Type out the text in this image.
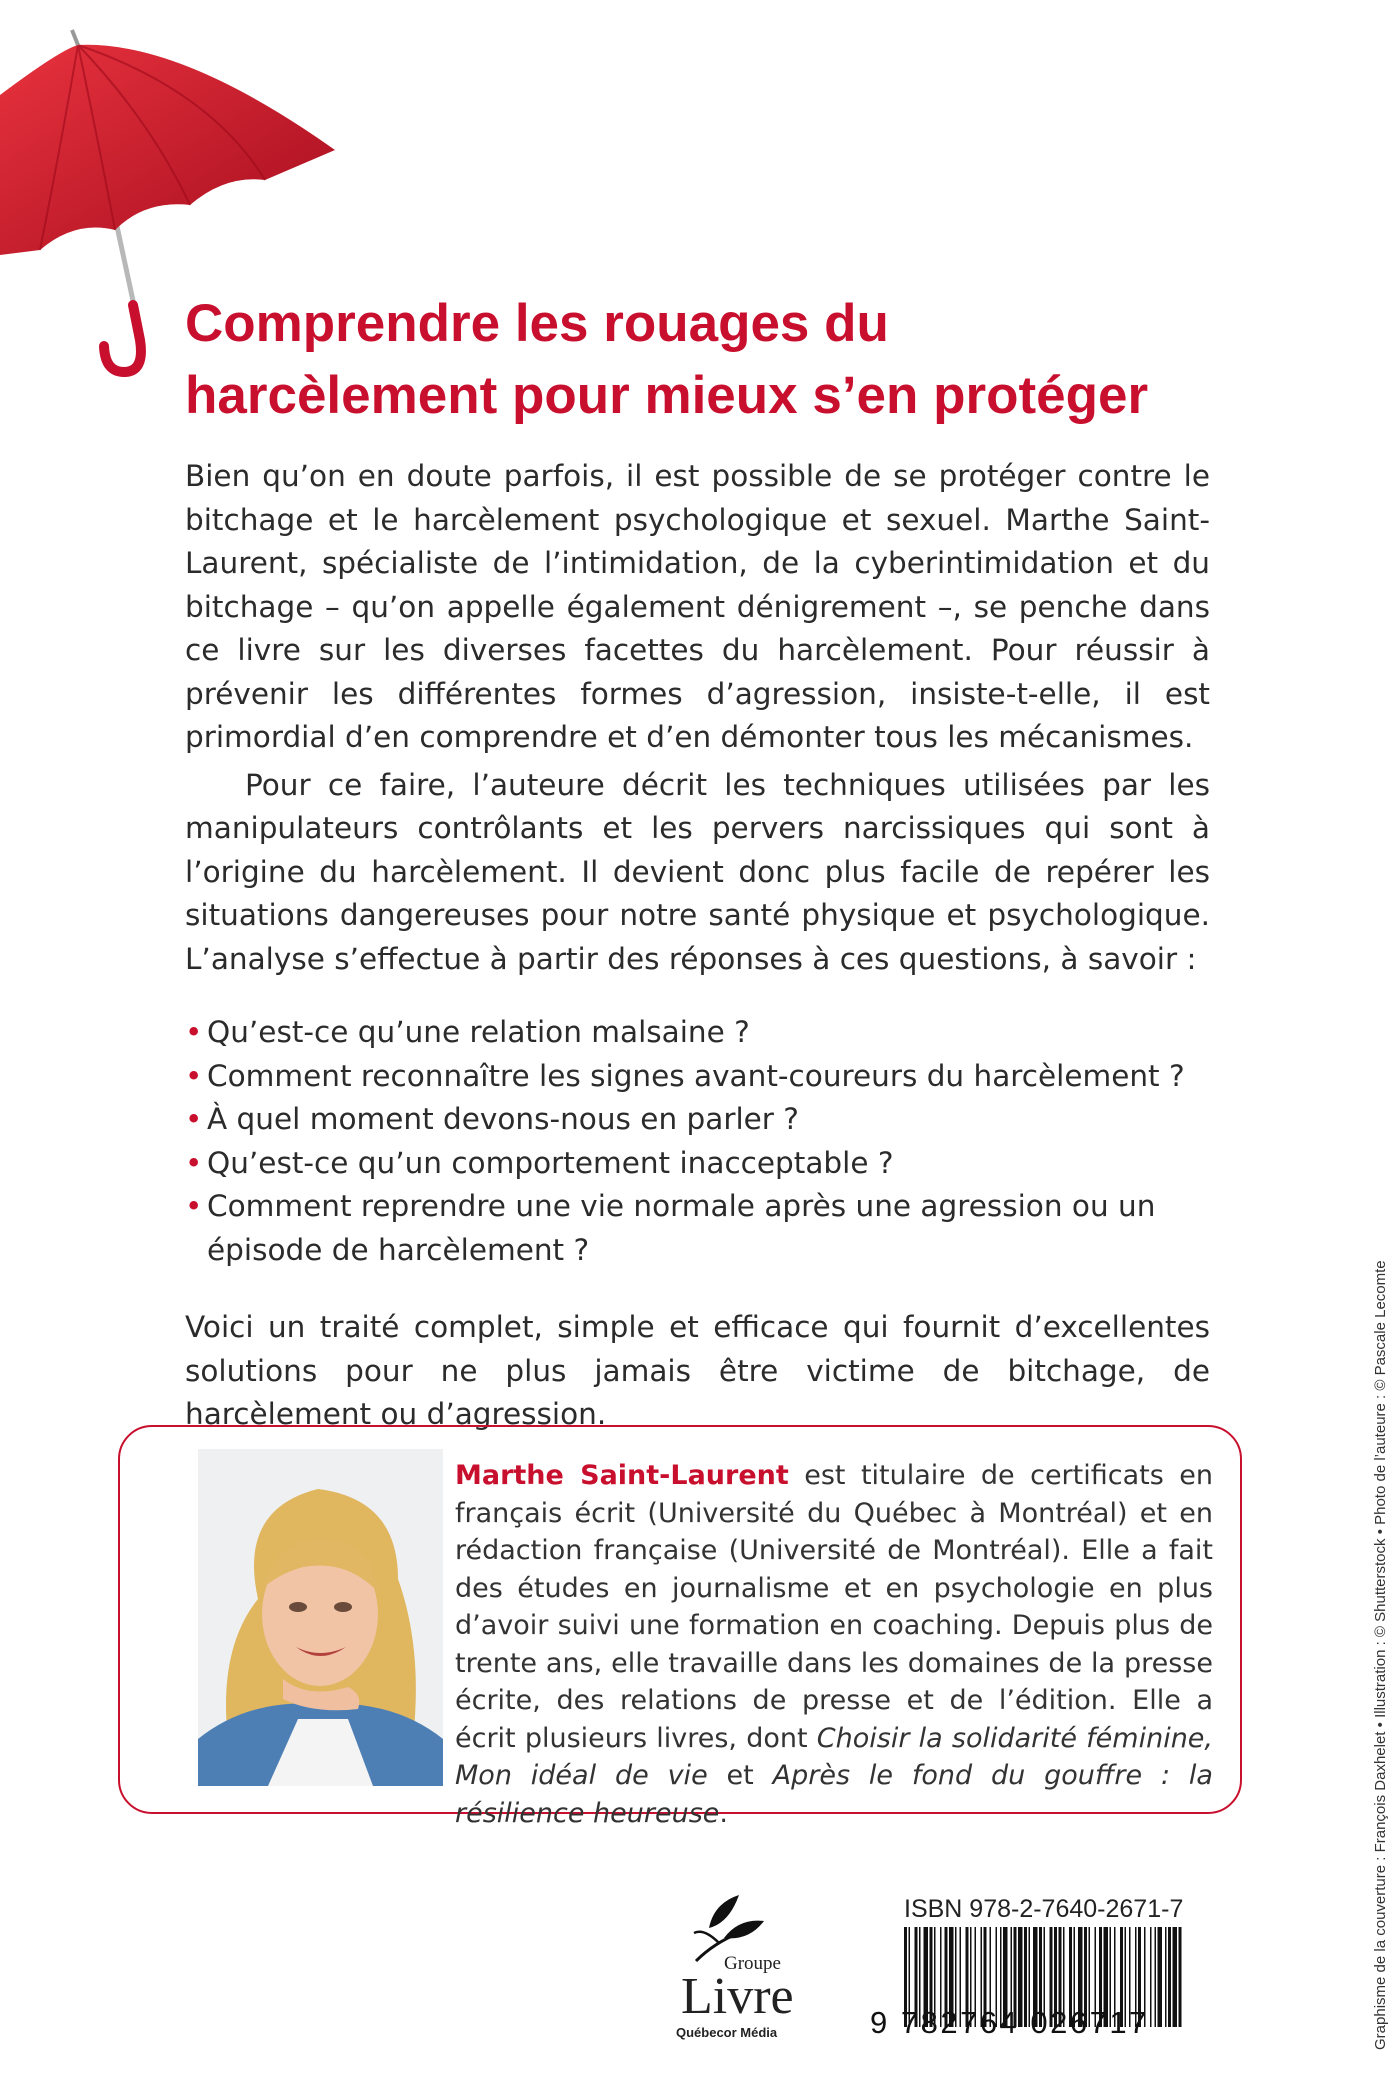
Comprendre les rouages du
harcèlement pour mieux s’en protéger

Bien qu’on en doute parfois, il est possible de se protéger contre le bitchage et le harcèlement psychologique et sexuel. Marthe Saint-Laurent, spécialiste de l’intimidation, de la cyberintimidation et du bitchage – qu’on appelle également dénigrement –, se penche dans ce livre sur les diverses facettes du harcèlement. Pour réussir à prévenir les différentes formes d’agression, insiste-t-elle, il est primordial d’en comprendre et d’en démonter tous les mécanismes.

Pour ce faire, l’auteure décrit les techniques utilisées par les manipulateurs contrôlants et les pervers narcissiques qui sont à l’origine du harcèlement. Il devient donc plus facile de repérer les situations dangereuses pour notre santé physique et psychologique. L’analyse s’effectue à partir des réponses à ces questions, à savoir :

• Qu’est-ce qu’une relation malsaine ?
• Comment reconnaître les signes avant-coureurs du harcèlement ?
• À quel moment devons-nous en parler ?
• Qu’est-ce qu’un comportement inacceptable ?
• Comment reprendre une vie normale après une agression ou un épisode de harcèlement ?

Voici un traité complet, simple et efficace qui fournit d’excellentes solutions pour ne plus jamais être victime de bitchage, de harcèlement ou d’agression.

Marthe Saint-Laurent est titulaire de certificats en français écrit (Université du Québec à Montréal) et en rédaction française (Université de Montréal). Elle a fait des études en journalisme et en psychologie en plus d’avoir suivi une formation en coaching. Depuis plus de trente ans, elle travaille dans les domaines de la presse écrite, des relations de presse et de l’édition. Elle a écrit plusieurs livres, dont Choisir la solidarité féminine, Mon idéal de vie et Après le fond du gouffre : la résilience heureuse.

Groupe
Livre
Québecor Média

ISBN 978-2-7640-2671-7

9 782764 026717	Graphisme de la couverture : François Daxhelet • Illustration : © Shutterstock • Photo de l’auteure : © Pascale Lecomte
